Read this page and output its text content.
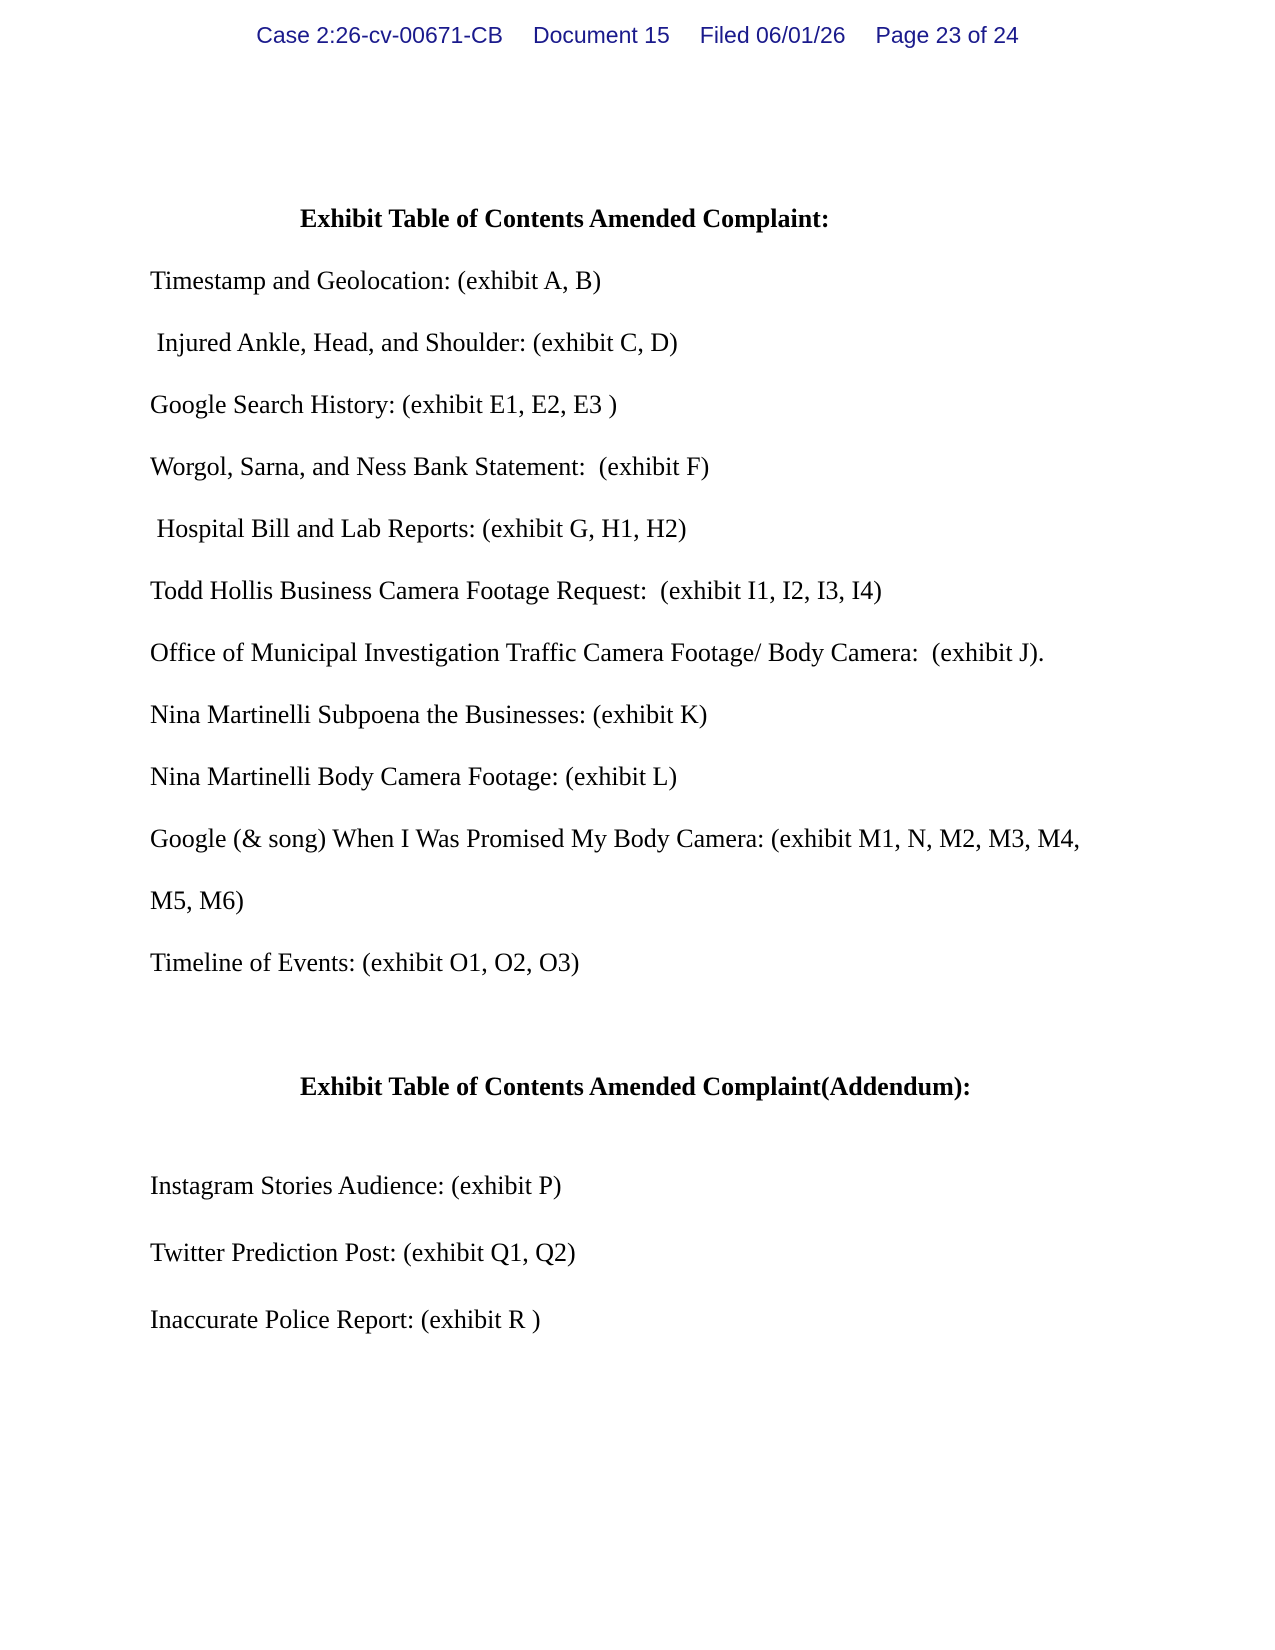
Case 2:26-cv-00671-CB Document 15 Filed 06/01/26 Page 23 of 24
Exhibit Table of Contents Amended Complaint:
Timestamp and Geolocation: (exhibit A, B)
Injured Ankle, Head, and Shoulder: (exhibit C, D)
Google Search History: (exhibit E1, E2, E3 )
Worgol, Sarna, and Ness Bank Statement:  (exhibit F)
Hospital Bill and Lab Reports: (exhibit G, H1, H2)
Todd Hollis Business Camera Footage Request:  (exhibit I1, I2, I3, I4)
Office of Municipal Investigation Traffic Camera Footage/ Body Camera:  (exhibit J).
Nina Martinelli Subpoena the Businesses: (exhibit K)
Nina Martinelli Body Camera Footage: (exhibit L)
Google (& song) When I Was Promised My Body Camera: (exhibit M1, N, M2, M3, M4,
M5, M6)
Timeline of Events: (exhibit O1, O2, O3)
Exhibit Table of Contents Amended Complaint(Addendum):
Instagram Stories Audience: (exhibit P)
Twitter Prediction Post: (exhibit Q1, Q2)
Inaccurate Police Report: (exhibit R )
